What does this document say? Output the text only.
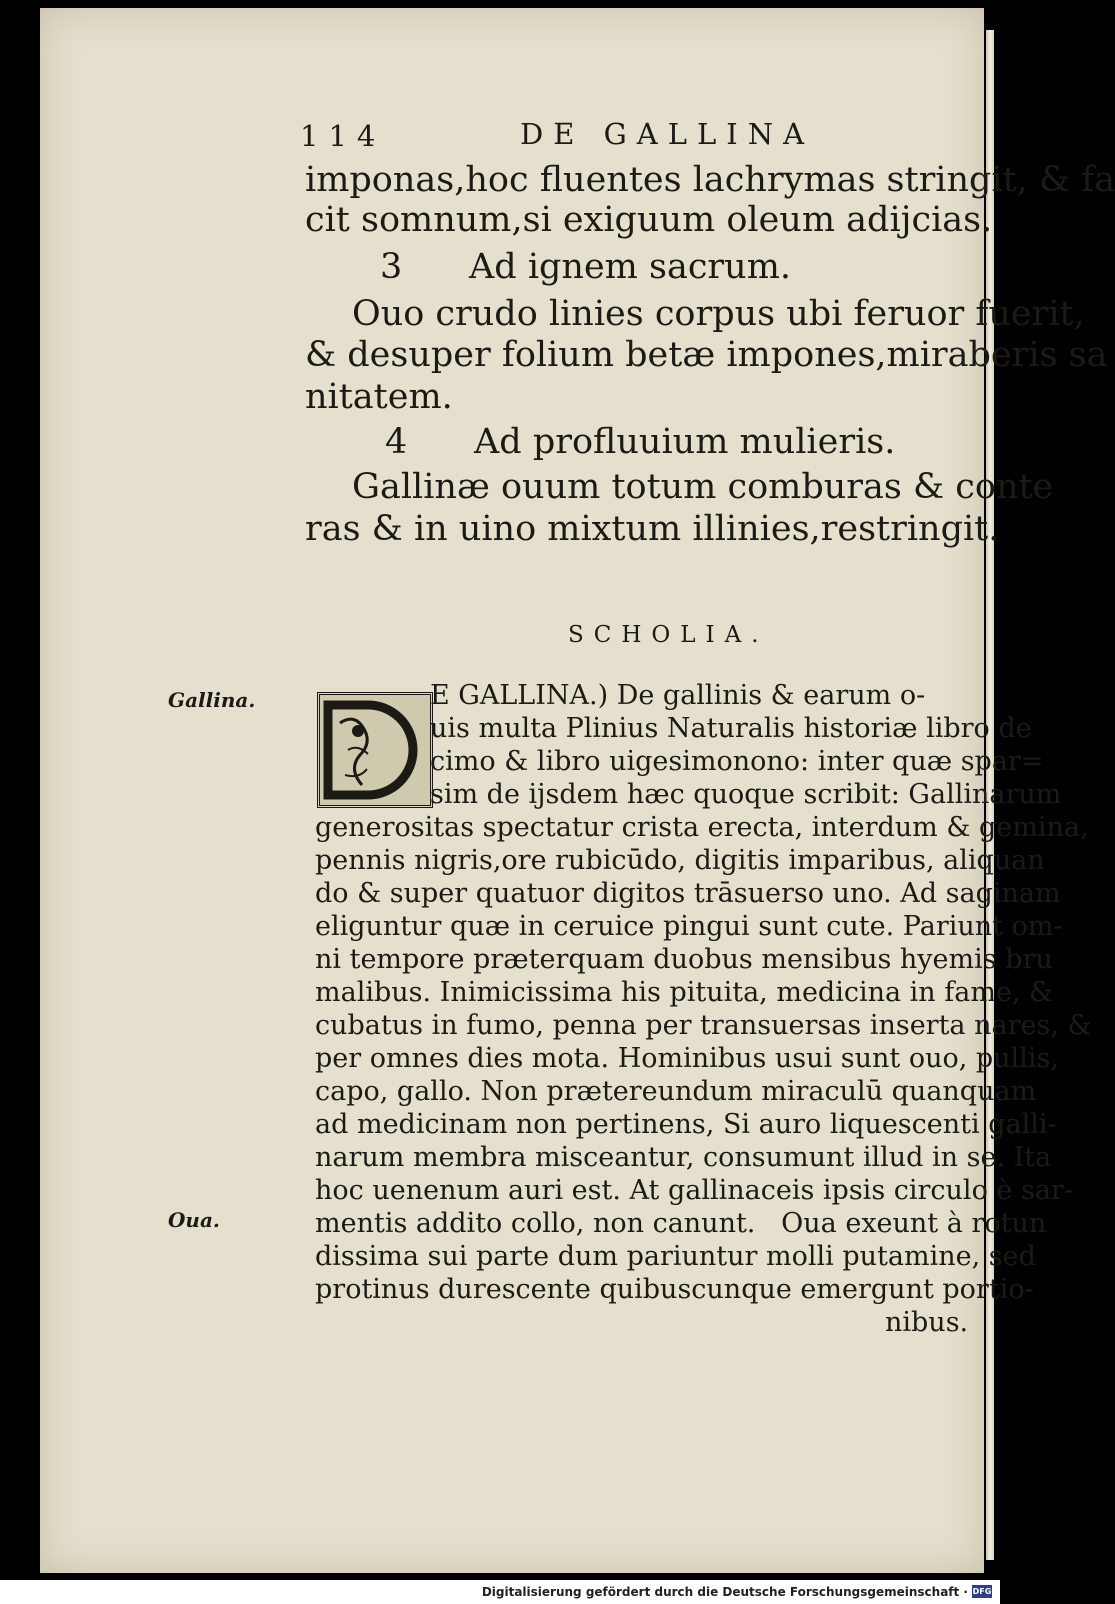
114	DE GALLINA
imponas,hoc fluentes lachrymas stringit, & fa
cit somnum,si exiguum oleum adijcias.
3      Ad ignem sacrum.
Ouo crudo linies corpus ubi feruor fuerit,
& desuper folium betæ impones,miraberis sa
nitatem.
4      Ad profluuium mulieris.
Gallinæ ouum totum comburas & conte
ras & in uino mixtum illinies,restringit.
SCHOLIA.
E GALLINA.) De gallinis & earum o-
uis multa Plinius Naturalis historiæ libro de
cimo & libro uigesimonono: inter quæ spar=
sim de ijsdem hæc quoque scribit: Gallinarum
generositas spectatur crista erecta, interdum & gemina,
pennis nigris,ore rubicūdo, digitis imparibus, aliquan
do & super quatuor digitos trāsuerso uno. Ad saginam
eliguntur quæ in ceruice pingui sunt cute. Pariunt om-
ni tempore præterquam duobus mensibus hyemis bru
malibus. Inimicissima his pituita, medicina in fame, &
cubatus in fumo, penna per transuersas inserta nares, &
per omnes dies mota. Hominibus usui sunt ouo, pullis,
capo, gallo. Non prætereundum miraculū quanquam
ad medicinam non pertinens, Si auro liquescenti galli-
narum membra misceantur, consumunt illud in se. Ita
hoc uenenum auri est. At gallinaceis ipsis circulo è sar-
mentis addito collo, non canunt.   Oua exeunt à rotun
dissima sui parte dum pariuntur molli putamine, sed
protinus durescente quibuscunque emergunt portio-
nibus.
Gallina.
Oua.
Digitalisierung gefördert durch die Deutsche Forschungsgemeinschaft · DFG
